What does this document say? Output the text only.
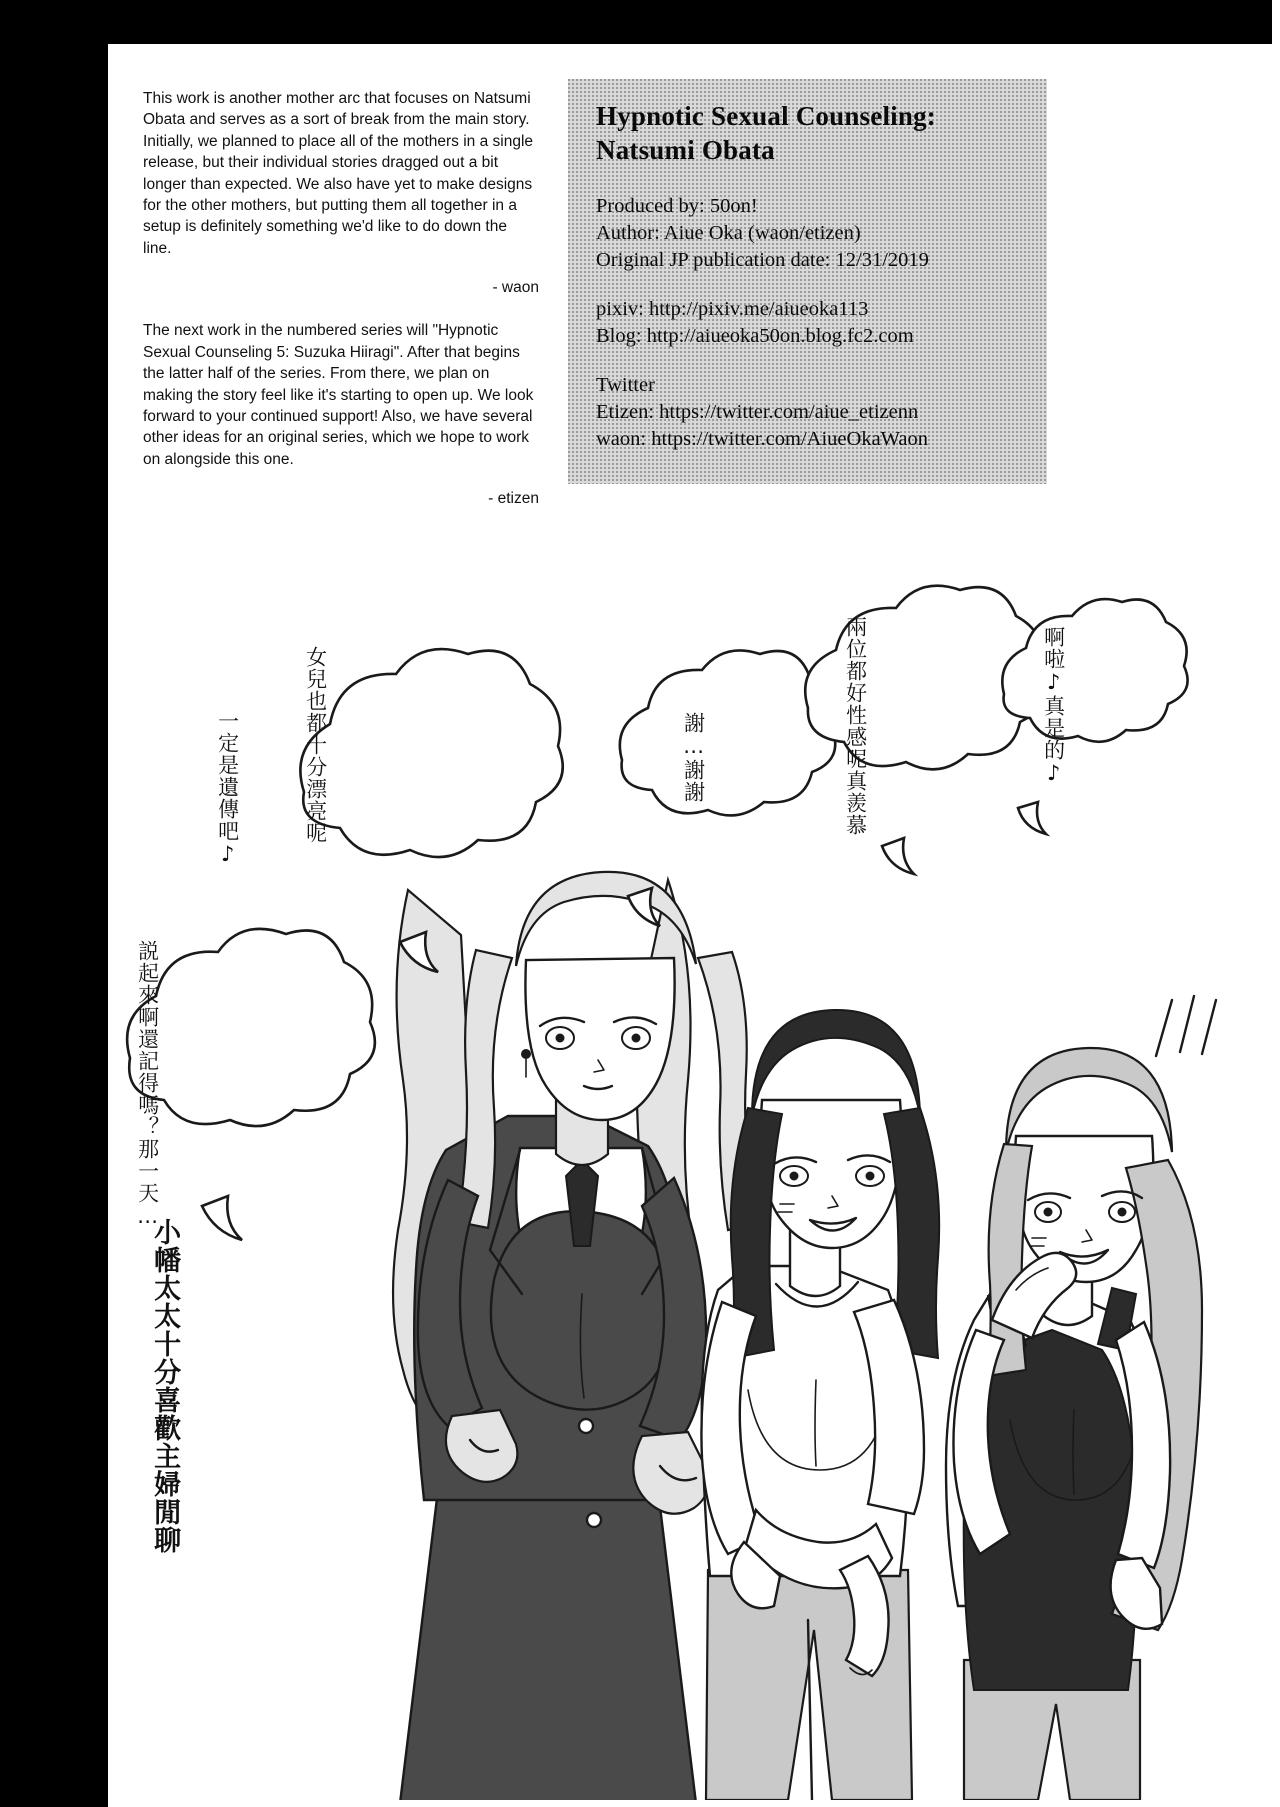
This work is another mother arc that focuses on Natsumi Obata and serves as a sort of break from the main story. Initially, we planned to place all of the mothers in a single release, but their individual stories dragged out a bit longer than expected. We also have yet to make designs for the other mothers, but putting them all together in a setup is definitely something we'd like to do down the line.

- waon

The next work in the numbered series will "Hypnotic Sexual Counseling 5: Suzuka Hiiragi". After that begins the latter half of the series. From there, we plan on making the story feel like it's starting to open up. We look forward to your continued support! Also, we have several other ideas for an original series, which we hope to work on alongside this one.

- etizen

Hypnotic Sexual Counseling: Natsumi Obata

Produced by: 50on!

Author: Aiue Oka (waon/etizen)

Original JP publication date: 12/31/2019

pixiv: http://pixiv.me/aiueoka113

Blog: http://aiueoka50on.blog.fc2.com

Twitter

Etizen: https://twitter.com/aiue_etizenn

waon: https://twitter.com/AiueOkaWaon

女兒也都十分漂亮呢
一定是遺傳吧♪
説起來啊還記得嗎？那一天…
謝…謝謝	兩位都好性感呢真羨慕	啊啦♪真是的♪
小幡太太十分喜歡主婦閒聊
